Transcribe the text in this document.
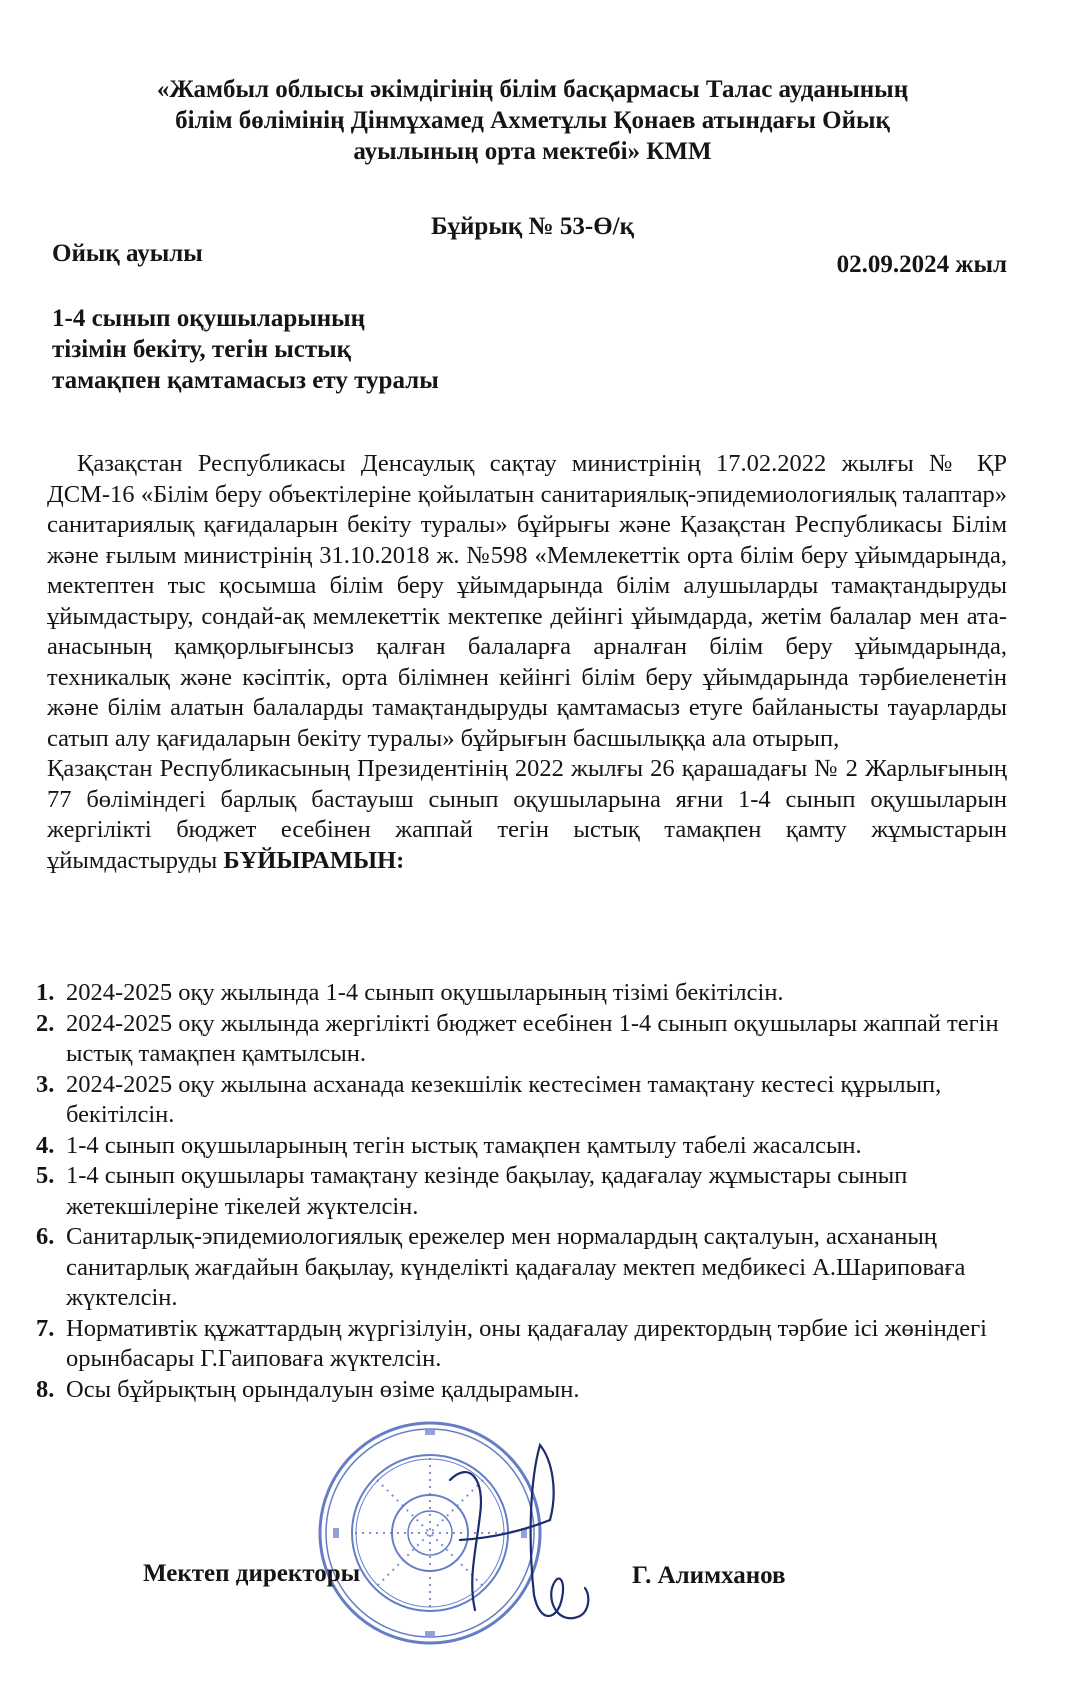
«Жамбыл облысы әкімдігінің білім басқармасы Талас ауданының
білім бөлімінің Дінмұхамед Ахметұлы Қонаев атындағы Ойық
ауылының орта мектебі» КММ
Бұйрық № 53-Ө/қ
Ойық ауылы	02.09.2024 жыл
1-4 сынып оқушыларының
тізімін бекіту, тегін ыстық
тамақпен қамтамасыз ету туралы

Қазақстан Республикасы Денсаулық сақтау министрінің 17.02.2022 жылғы № ҚР ДСМ-16 «Білім беру объектілеріне қойылатын санитариялық-эпидемиологиялық талаптар» санитариялық қағидаларын бекіту туралы» бұйрығы және Қазақстан Республикасы Білім және ғылым министрінің 31.10.2018 ж. №598 «Мемлекеттік орта білім беру ұйымдарында, мектептен тыс қосымша білім беру ұйымдарында білім алушыларды тамақтандыруды ұйымдастыру, сондай-ақ мемлекеттік мектепке дейінгі ұйымдарда, жетім балалар мен ата-анасының қамқорлығынсыз қалған балаларға арналған білім беру ұйымдарында, техникалық және кәсіптік, орта білімнен кейінгі білім беру ұйымдарында тәрбиеленетін және білім алатын балаларды тамақтандыруды қамтамасыз етуге байланысты тауарларды сатып алу қағидаларын бекіту туралы» бұйрығын басшылыққа ала отырып,

Қазақстан Республикасының Президентінің 2022 жылғы 26 қарашадағы № 2 Жарлығының 77 бөліміндегі барлық бастауыш сынып оқушыларына яғни 1-4 сынып оқушыларын жергілікті бюджет есебінен жаппай тегін ыстық тамақпен қамту жұмыстарын ұйымдастыруды БҰЙЫРАМЫН:

1. 2024-2025 оқу жылында 1-4 сынып оқушыларының тізімі бекітілсін.
2. 2024-2025 оқу жылында жергілікті бюджет есебінен 1-4 сынып оқушылары жаппай тегін ыстық тамақпен қамтылсын.
3. 2024-2025 оқу жылына асханада кезекшілік кестесімен тамақтану кестесі құрылып, бекітілсін.
4. 1-4 сынып оқушыларының тегін ыстық тамақпен қамтылу табелі жасалсын.
5. 1-4 сынып оқушылары тамақтану кезінде бақылау, қадағалау жұмыстары сынып жетекшілеріне тікелей жүктелсін.
6. Санитарлық-эпидемиологиялық ережелер мен нормалардың сақталуын, асхананың санитарлық жағдайын бақылау, күнделікті қадағалау мектеп медбикесі А.Шариповаға жүктелсін.
7. Нормативтік құжаттардың жүргізілуін, оны қадағалау директордың тәрбие ісі жөніндегі орынбасары Г.Гаиповаға жүктелсін.
8. Осы бұйрықтың орындалуын өзіме қалдырамын.
Мектеп директоры	Г. Алимханов
